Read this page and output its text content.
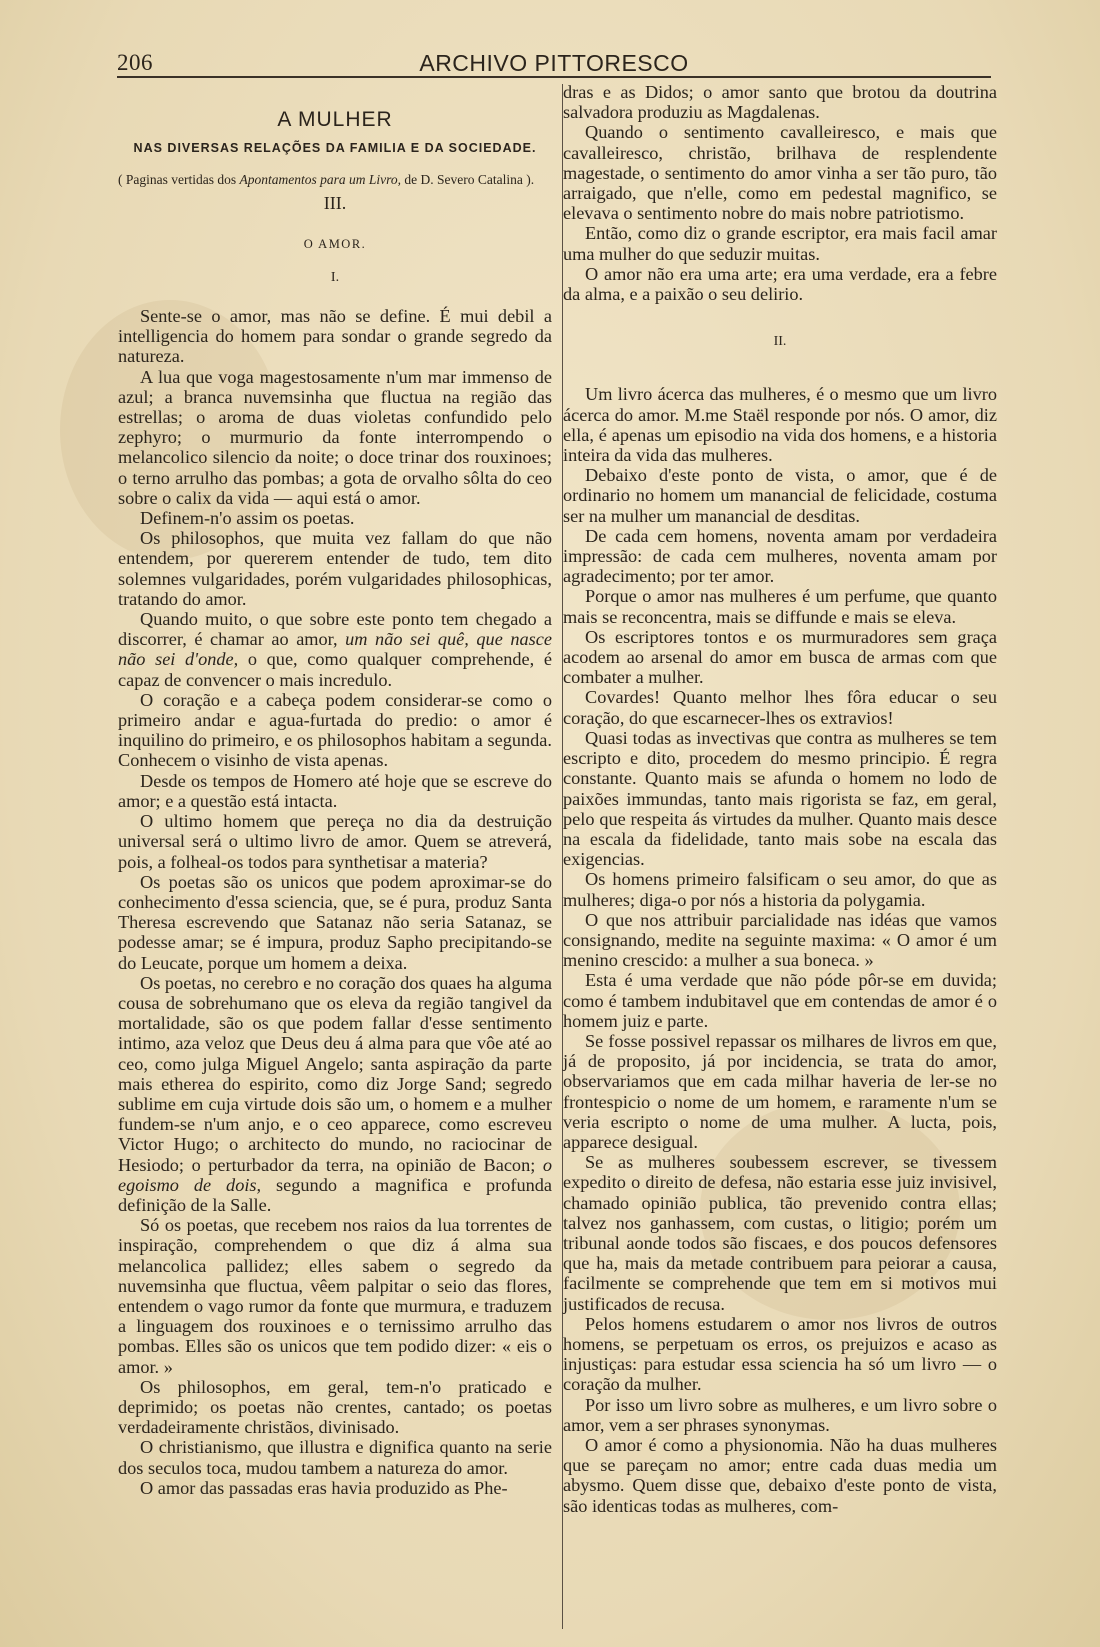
206	ARCHIVO PITTORESCO
A MULHER
NAS DIVERSAS RELAÇÕES DA FAMILIA E DA SOCIEDADE.
( Paginas vertidas dos Apontamentos para um Livro, de D. Severo Catalina ).
III.
O AMOR.
I.

Sente-se o amor, mas não se define. É mui debil a intelligencia do homem para sondar o grande segredo da natureza.

A lua que voga magestosamente n'um mar immenso de azul; a branca nuvemsinha que fluctua na região das estrellas; o aroma de duas violetas confundido pelo zephyro; o murmurio da fonte interrompendo o melancolico silencio da noite; o doce trinar dos rouxinoes; o terno arrulho das pombas; a gota de orvalho sôlta do ceo sobre o calix da vida — aqui está o amor.

Definem-n'o assim os poetas.

Os philosophos, que muita vez fallam do que não entendem, por quererem entender de tudo, tem dito solemnes vulgaridades, porém vulgaridades philosophicas, tratando do amor.

Quando muito, o que sobre este ponto tem chegado a discorrer, é chamar ao amor, um não sei quê, que nasce não sei d'onde, o que, como qualquer comprehende, é capaz de convencer o mais incredulo.

O coração e a cabeça podem considerar-se como o primeiro andar e agua-furtada do predio: o amor é inquilino do primeiro, e os philosophos habitam a segunda. Conhecem o visinho de vista apenas.

Desde os tempos de Homero até hoje que se escreve do amor; e a questão está intacta.

O ultimo homem que pereça no dia da destruição universal será o ultimo livro de amor. Quem se atreverá, pois, a folheal-os todos para synthetisar a materia?

Os poetas são os unicos que podem aproximar-se do conhecimento d'essa sciencia, que, se é pura, produz Santa Theresa escrevendo que Satanaz não seria Satanaz, se podesse amar; se é impura, produz Sapho precipitando-se do Leucate, porque um homem a deixa.

Os poetas, no cerebro e no coração dos quaes ha alguma cousa de sobrehumano que os eleva da região tangivel da mortalidade, são os que podem fallar d'esse sentimento intimo, aza veloz que Deus deu á alma para que vôe até ao ceo, como julga Miguel Angelo; santa aspiração da parte mais etherea do espirito, como diz Jorge Sand; segredo sublime em cuja virtude dois são um, o homem e a mulher fundem-se n'um anjo, e o ceo apparece, como escreveu Victor Hugo; o architecto do mundo, no raciocinar de Hesiodo; o perturbador da terra, na opinião de Bacon; o egoismo de dois, segundo a magnifica e profunda definição de la Salle.

Só os poetas, que recebem nos raios da lua torrentes de inspiração, comprehendem o que diz á alma sua melancolica pallidez; elles sabem o segredo da nuvemsinha que fluctua, vêem palpitar o seio das flores, entendem o vago rumor da fonte que murmura, e traduzem a linguagem dos rouxinoes e o ternissimo arrulho das pombas. Elles são os unicos que tem podido dizer: « eis o amor. »

Os philosophos, em geral, tem-n'o praticado e deprimido; os poetas não crentes, cantado; os poetas verdadeiramente christãos, divinisado.

O christianismo, que illustra e dignifica quanto na serie dos seculos toca, mudou tambem a natureza do amor.

O amor das passadas eras havia produzido as Phe-

dras e as Didos; o amor santo que brotou da doutrina salvadora produziu as Magdalenas.

Quando o sentimento cavalleiresco, e mais que cavalleiresco, christão, brilhava de resplendente magestade, o sentimento do amor vinha a ser tão puro, tão arraigado, que n'elle, como em pedestal magnifico, se elevava o sentimento nobre do mais nobre patriotismo.

Então, como diz o grande escriptor, era mais facil amar uma mulher do que seduzir muitas.

O amor não era uma arte; era uma verdade, era a febre da alma, e a paixão o seu delirio.

II.

Um livro ácerca das mulheres, é o mesmo que um livro ácerca do amor. M.me Staël responde por nós. O amor, diz ella, é apenas um episodio na vida dos homens, e a historia inteira da vida das mulheres.

Debaixo d'este ponto de vista, o amor, que é de ordinario no homem um manancial de felicidade, costuma ser na mulher um manancial de desditas.

De cada cem homens, noventa amam por verdadeira impressão: de cada cem mulheres, noventa amam por agradecimento; por ter amor.

Porque o amor nas mulheres é um perfume, que quanto mais se reconcentra, mais se diffunde e mais se eleva.

Os escriptores tontos e os murmuradores sem graça acodem ao arsenal do amor em busca de armas com que combater a mulher.

Covardes! Quanto melhor lhes fôra educar o seu coração, do que escarnecer-lhes os extravios!

Quasi todas as invectivas que contra as mulheres se tem escripto e dito, procedem do mesmo principio. É regra constante. Quanto mais se afunda o homem no lodo de paixões immundas, tanto mais rigorista se faz, em geral, pelo que respeita ás virtudes da mulher. Quanto mais desce na escala da fidelidade, tanto mais sobe na escala das exigencias.

Os homens primeiro falsificam o seu amor, do que as mulheres; diga-o por nós a historia da polygamia.

O que nos attribuir parcialidade nas idéas que vamos consignando, medite na seguinte maxima: « O amor é um menino crescido: a mulher a sua boneca. »

Esta é uma verdade que não póde pôr-se em duvida; como é tambem indubitavel que em contendas de amor é o homem juiz e parte.

Se fosse possivel repassar os milhares de livros em que, já de proposito, já por incidencia, se trata do amor, observariamos que em cada milhar haveria de ler-se no frontespicio o nome de um homem, e raramente n'um se veria escripto o nome de uma mulher. A lucta, pois, apparece desigual.

Se as mulheres soubessem escrever, se tivessem expedito o direito de defesa, não estaria esse juiz invisivel, chamado opinião publica, tão prevenido contra ellas; talvez nos ganhassem, com custas, o litigio; porém um tribunal aonde todos são fiscaes, e dos poucos defensores que ha, mais da metade contribuem para peiorar a causa, facilmente se comprehende que tem em si motivos mui justificados de recusa.

Pelos homens estudarem o amor nos livros de outros homens, se perpetuam os erros, os prejuizos e acaso as injustiças: para estudar essa sciencia ha só um livro — o coração da mulher.

Por isso um livro sobre as mulheres, e um livro sobre o amor, vem a ser phrases synonymas.

O amor é como a physionomia. Não ha duas mulheres que se pareçam no amor; entre cada duas media um abysmo. Quem disse que, debaixo d'este ponto de vista, são identicas todas as mulheres, com-
